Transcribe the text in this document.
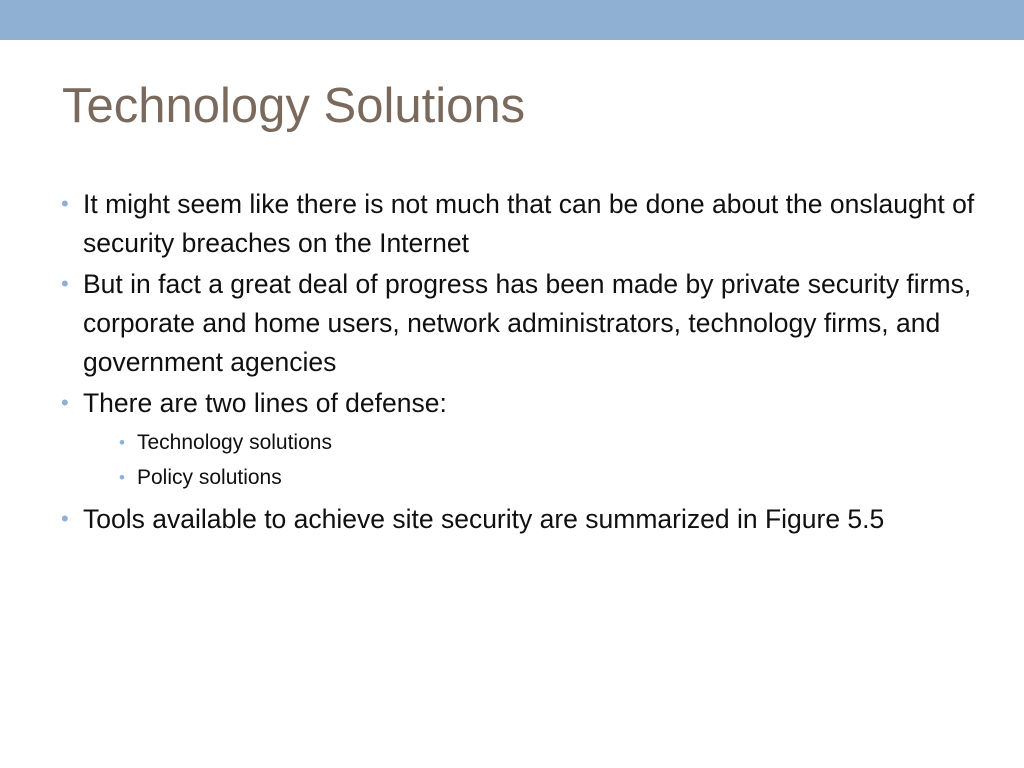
Technology Solutions
• It might seem like there is not much that can be done about the onslaught of security breaches on the Internet
• But in fact a great deal of progress has been made by private security firms, corporate and home users, network administrators, technology firms, and government agencies
• There are two lines of defense:
• Technology solutions
• Policy solutions
• Tools available to achieve site security are summarized in Figure 5.5
